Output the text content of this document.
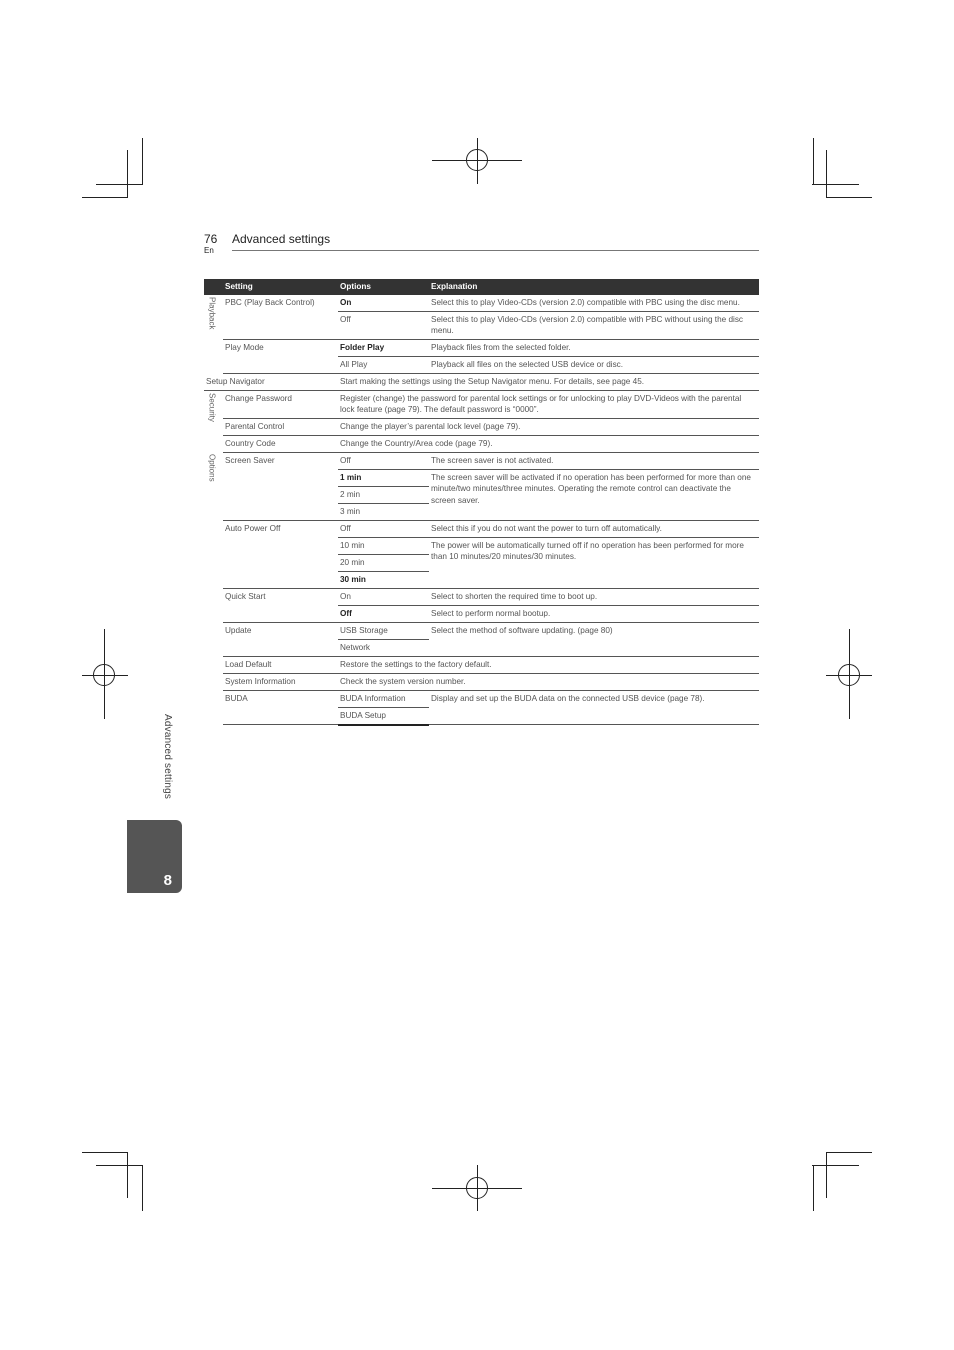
76
En
Advanced settings
Advanced settings
8
	Setting	Options	Explanation
Playback	PBC (Play Back Control)	On	Select this to play Video-CDs (version 2.0) compatible with PBC using the disc menu.
		Off	Select this to play Video-CDs (version 2.0) compatible with PBC without using the disc menu.
	Play Mode	Folder Play	Playback files from the selected folder.
		All Play	Playback all files on the selected USB device or disc.
Setup Navigator		Start making the settings using the Setup Navigator menu. For details, see page 45.	
Security	Change Password	Register (change) the password for parental lock settings or for unlocking to play DVD-Videos with the parental lock feature (page 79). The default password is “0000”.	
	Parental Control	Change the player’s parental lock level (page 79).	
	Country Code	Change the Country/Area code (page 79).	
Options	Screen Saver	Off	The screen saver is not activated.
		1 min	The screen saver will be activated if no operation has been performed for more than one minute/two minutes/three minutes. Operating the remote control can deactivate the screen saver.
		2 min	
		3 min	
	Auto Power Off	Off	Select this if you do not want the power to turn off automatically.
		10 min	The power will be automatically turned off if no operation has been performed for more than 10 minutes/20 minutes/30 minutes.
		20 min	
		30 min	
	Quick Start	On	Select to shorten the required time to boot up.
		Off	Select to perform normal bootup.
	Update	USB Storage	Select the method of software updating. (page 80)
		Network	
	Load Default	Restore the settings to the factory default.	
	System Information	Check the system version number.	
	BUDA	BUDA Information	Display and set up the BUDA data on the connected USB device (page 78).
		BUDA Setup	
